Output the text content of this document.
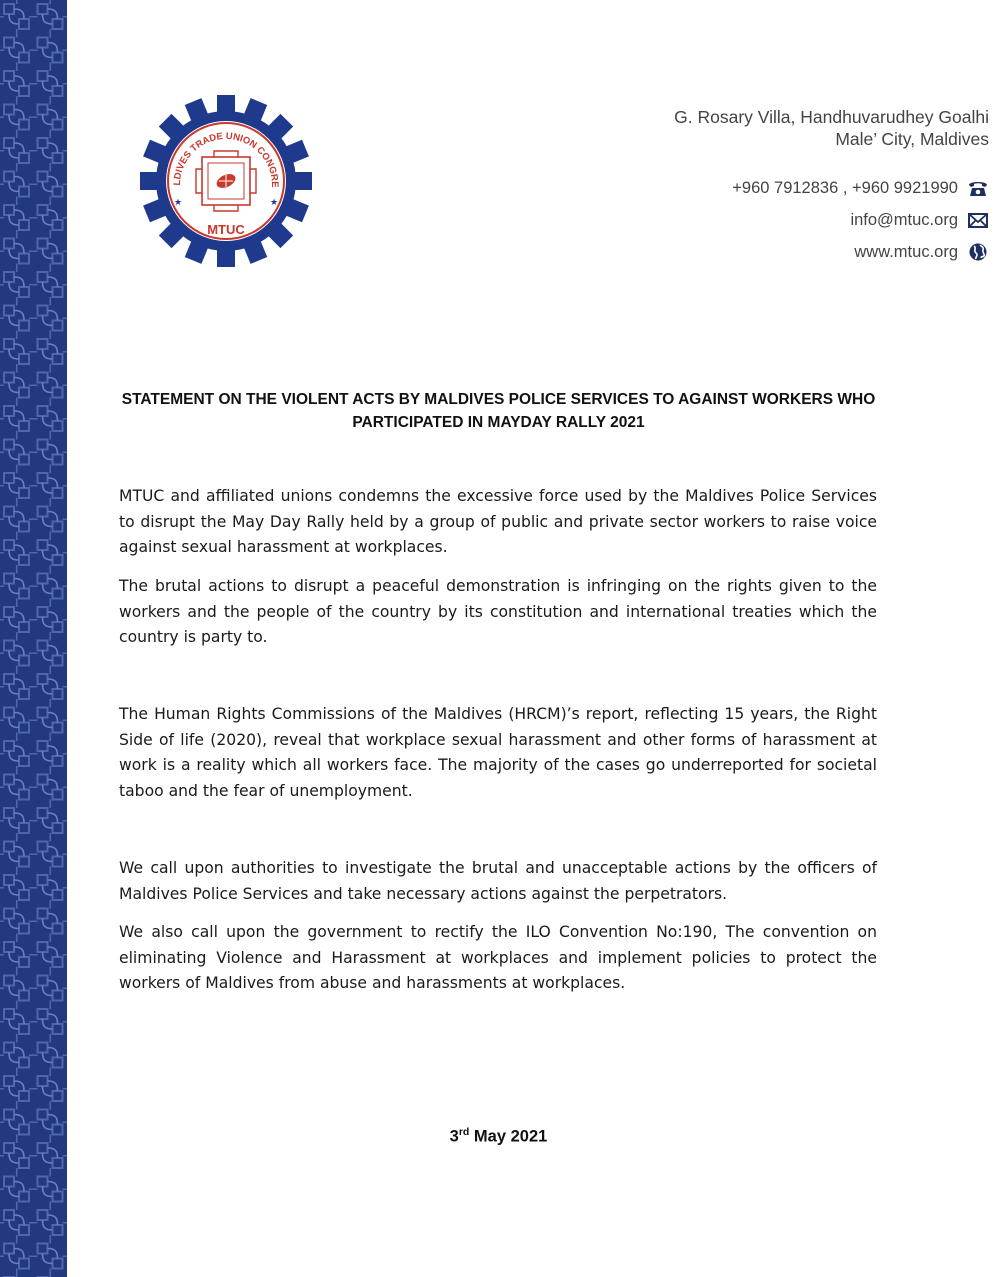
LDIVES TRADE UNION CONGRE
★	★
MTUC
G. Rosary Villa, Handhuvarudhey Goalhi
Male’ City, Maldives
+960 7912836 , +960 9921990
info@mtuc.org
www.mtuc.org
STATEMENT ON THE VIOLENT ACTS BY MALDIVES POLICE SERVICES TO AGAINST WORKERS WHO
PARTICIPATED IN MAYDAY RALLY 2021

MTUC and affiliated unions condemns the excessive force used by the Maldives Police Services to disrupt the May Day Rally held by a group of public and private sector workers to raise voice against sexual harassment at workplaces.

The brutal actions to disrupt a peaceful demonstration is infringing on the rights given to the workers and the people of the country by its constitution and international treaties which the country is party to.

The Human Rights Commissions of the Maldives (HRCM)’s report, reflecting 15 years, the Right Side of life (2020), reveal that workplace sexual harassment and other forms of harassment at work is a reality which all workers face. The majority of the cases go underreported for societal taboo and the fear of unemployment.

We call upon authorities to investigate the brutal and unacceptable actions by the officers of Maldives Police Services and take necessary actions against the perpetrators.

We also call upon the government to rectify the ILO Convention No:190, The convention on eliminating Violence and Harassment at workplaces and implement policies to protect the workers of Maldives from abuse and harassments at workplaces.

3rd May 2021
